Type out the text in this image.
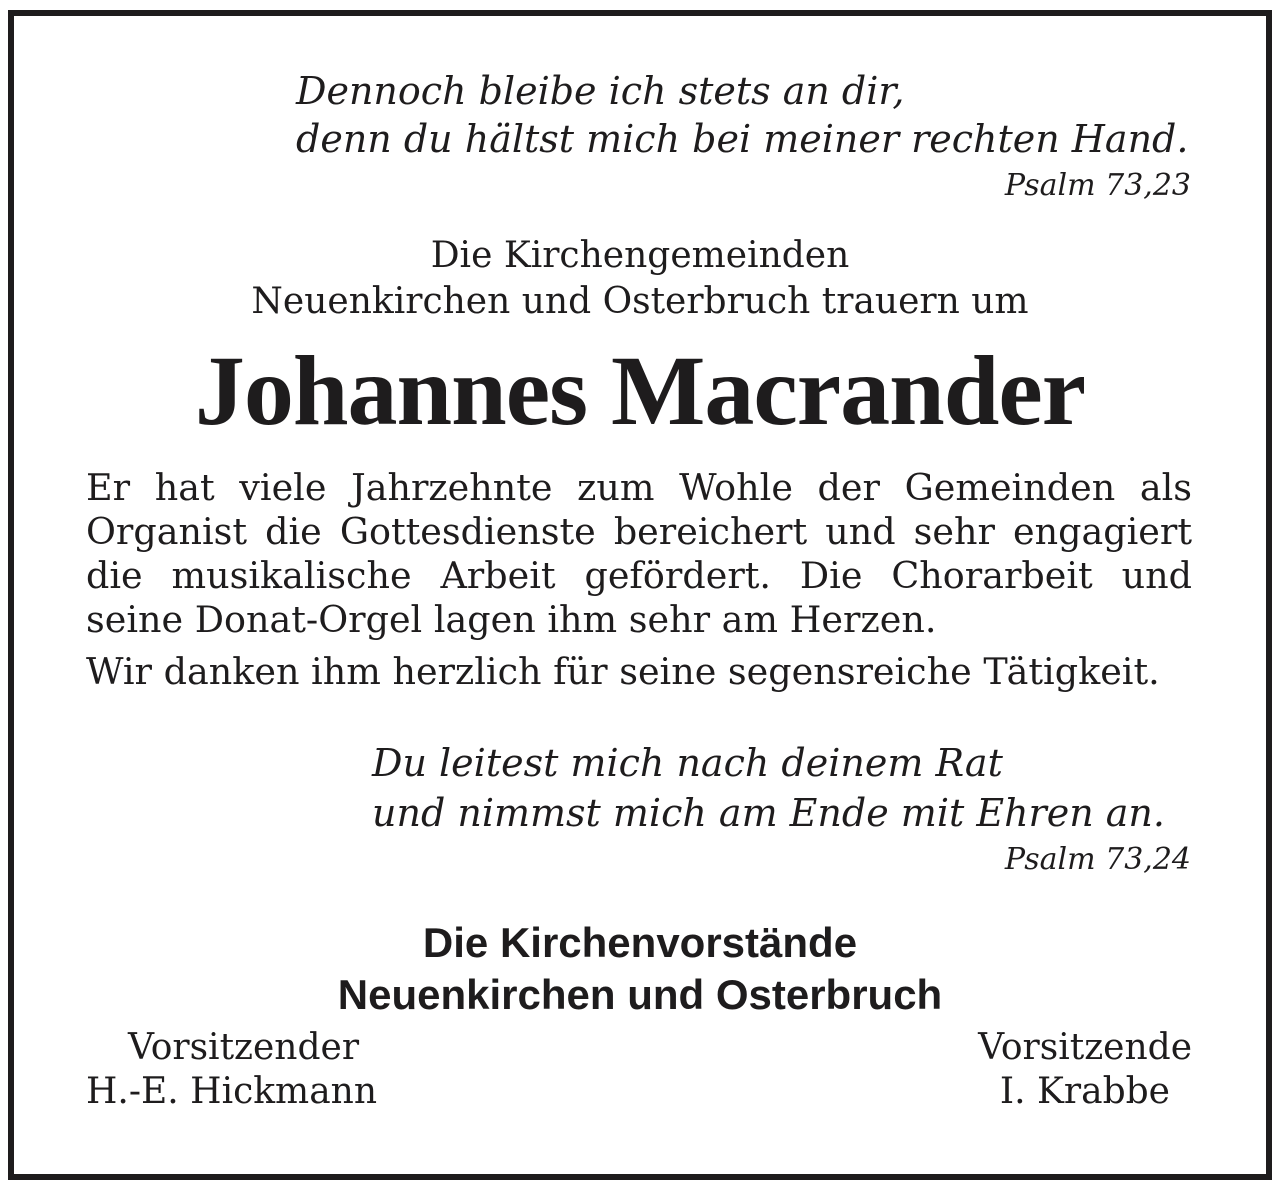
Dennoch bleibe ich stets an dir,

denn du hältst mich bei meiner rechten Hand.

Psalm 73,23

Die Kirchengemeinden

Neuenkirchen und Osterbruch trauern um

Johannes Macrander

Er hat viele Jahrzehnte zum Wohle der Gemeinden als Organist die Gottesdienste bereichert und sehr engagiert die musikalische Arbeit gefördert. Die Chorarbeit und seine Donat-Orgel lagen ihm sehr am Herzen.

Wir danken ihm herzlich für seine segensreiche Tätigkeit.

Du leitest mich nach deinem Rat

und nimmst mich am Ende mit Ehren an.

Psalm 73,24

Die Kirchenvorstände

Neuenkirchen und Osterbruch

Vorsitzender

H.-E. Hickmann

Vorsitzende

I. Krabbe
